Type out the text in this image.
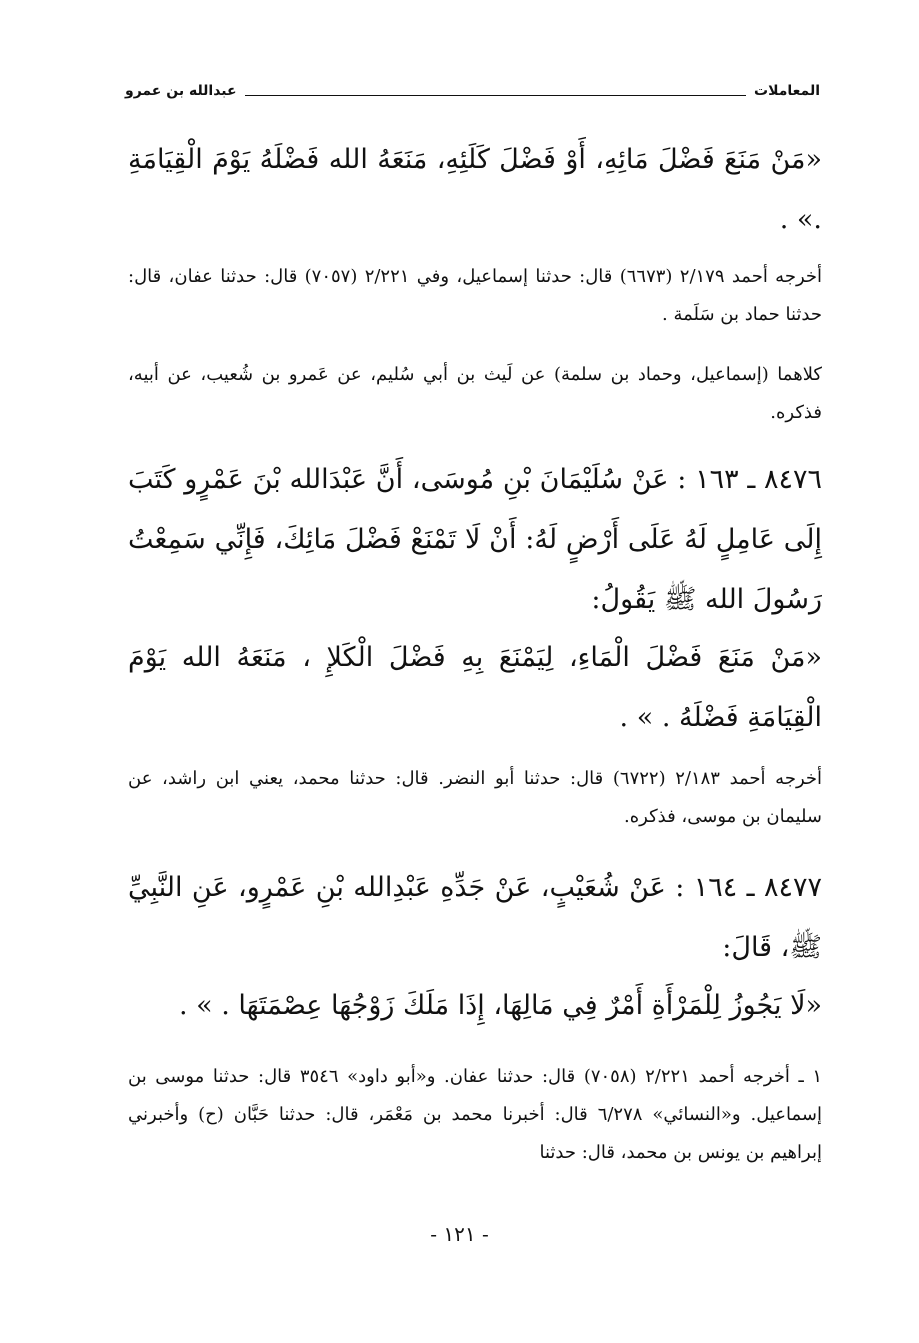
المعاملات
عبدالله بن عمرو
«مَنْ مَنَعَ فَضْلَ مَائِهِ، أَوْ فَضْلَ كَلَئِهِ، مَنَعَهُ الله فَضْلَهُ يَوْمَ الْقِيَامَةِ .» .
أخرجه أحمد ٢/١٧٩ (٦٦٧٣) قال: حدثنا إسماعيل، وفي ٢/٢٢١ (٧٠٥٧) قال: حدثنا عفان، قال: حدثنا حماد بن سَلَمة .
كلاهما (إسماعيل، وحماد بن سلمة) عن لَيث بن أبي سُليم، عن عَمرو بن شُعيب، عن أبيه، فذكره.
٨٤٧٦ ـ ١٦٣ : عَنْ سُلَيْمَانَ بْنِ مُوسَى، أَنَّ عَبْدَالله بْنَ عَمْرٍو كَتَبَ إِلَى عَامِلٍ لَهُ عَلَى أَرْضٍ لَهُ: أَنْ لَا تَمْنَعْ فَضْلَ مَائِكَ، فَإِنِّي سَمِعْتُ رَسُولَ الله ﷺ يَقُولُ:
«مَنْ مَنَعَ فَضْلَ الْمَاءِ، لِيَمْنَعَ بِهِ فَضْلَ الْكَلإِ ، مَنَعَهُ الله يَوْمَ الْقِيَامَةِ فَضْلَهُ . » .
أخرجه أحمد ٢/١٨٣ (٦٧٢٢) قال: حدثنا أبو النضر. قال: حدثنا محمد، يعني ابن راشد، عن سليمان بن موسى، فذكره.
٨٤٧٧ ـ ١٦٤ : عَنْ شُعَيْبٍ، عَنْ جَدِّهِ عَبْدِالله بْنِ عَمْرٍو، عَنِ النَّبِيِّ ﷺ، قَالَ:
«لَا يَجُوزُ لِلْمَرْأَةِ أَمْرٌ فِي مَالِهَا، إِذَا مَلَكَ زَوْجُهَا عِصْمَتَهَا . » .
١ ـ أخرجه أحمد ٢/٢٢١ (٧٠٥٨) قال: حدثنا عفان. و«أبو داود» ٣٥٤٦ قال: حدثنا موسى بن إسماعيل. و«النسائي» ٦/٢٧٨ قال: أخبرنا محمد بن مَعْمَر، قال: حدثنا حَبَّان (ح) وأخبرني إبراهيم بن يونس بن محمد، قال: حدثنا
- ١٢١ -
